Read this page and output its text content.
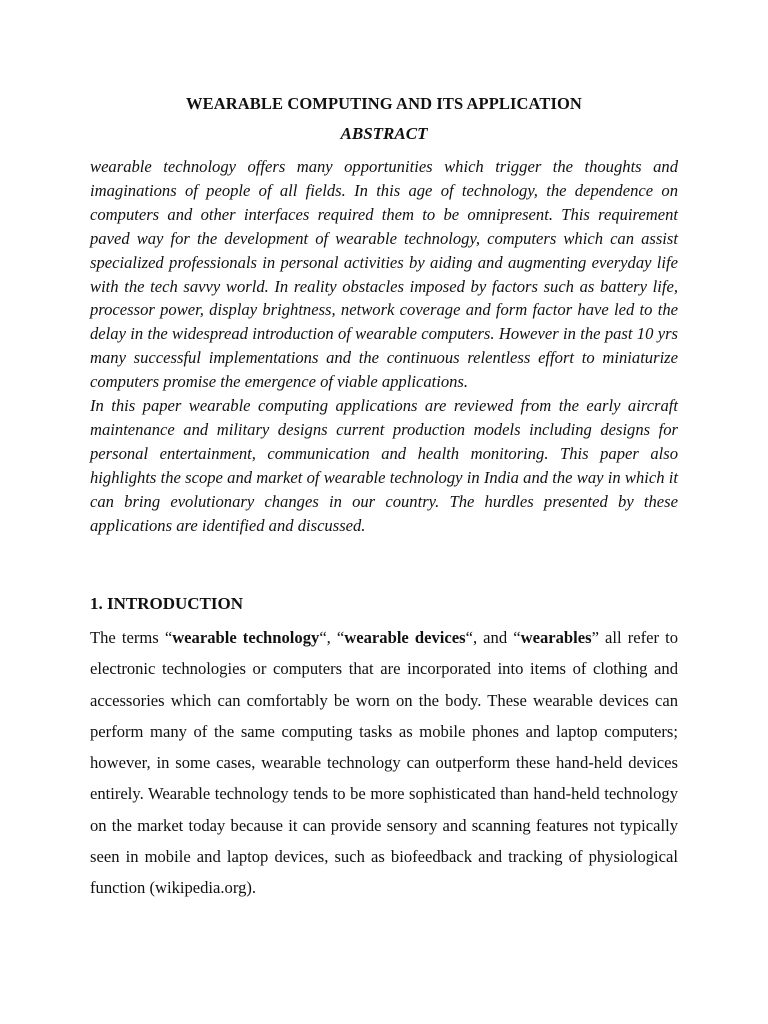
WEARABLE COMPUTING AND ITS APPLICATION
ABSTRACT

wearable technology offers many opportunities which trigger the thoughts and imaginations of people of all fields. In this age of technology, the dependence on computers and other interfaces required them to be omnipresent. This requirement paved way for the development of wearable technology, computers which can assist specialized professionals in personal activities by aiding and augmenting everyday life with the tech savvy world. In reality obstacles imposed by factors such as battery life, processor power, display brightness, network coverage and form factor have led to the delay in the widespread introduction of wearable computers. However in the past 10 yrs many successful implementations and the continuous relentless effort to miniaturize computers promise the emergence of viable applications.

In this paper wearable computing applications are reviewed from the early aircraft maintenance and military designs current production models including designs for personal entertainment, communication and health monitoring. This paper also highlights the scope and market of wearable technology in India and the way in which it can bring evolutionary changes in our country. The hurdles presented by these applications are identified and discussed.

1. INTRODUCTION

The terms “wearable technology“, “wearable devices“, and “wearables” all refer to electronic technologies or computers that are incorporated into items of clothing and accessories which can comfortably be worn on the body. These wearable devices can perform many of the same computing tasks as mobile phones and laptop computers; however, in some cases, wearable technology can outperform these hand-held devices entirely. Wearable technology tends to be more sophisticated than hand-held technology on the market today because it can provide sensory and scanning features not typically seen in mobile and laptop devices, such as biofeedback and tracking of physiological function (wikipedia.org).
